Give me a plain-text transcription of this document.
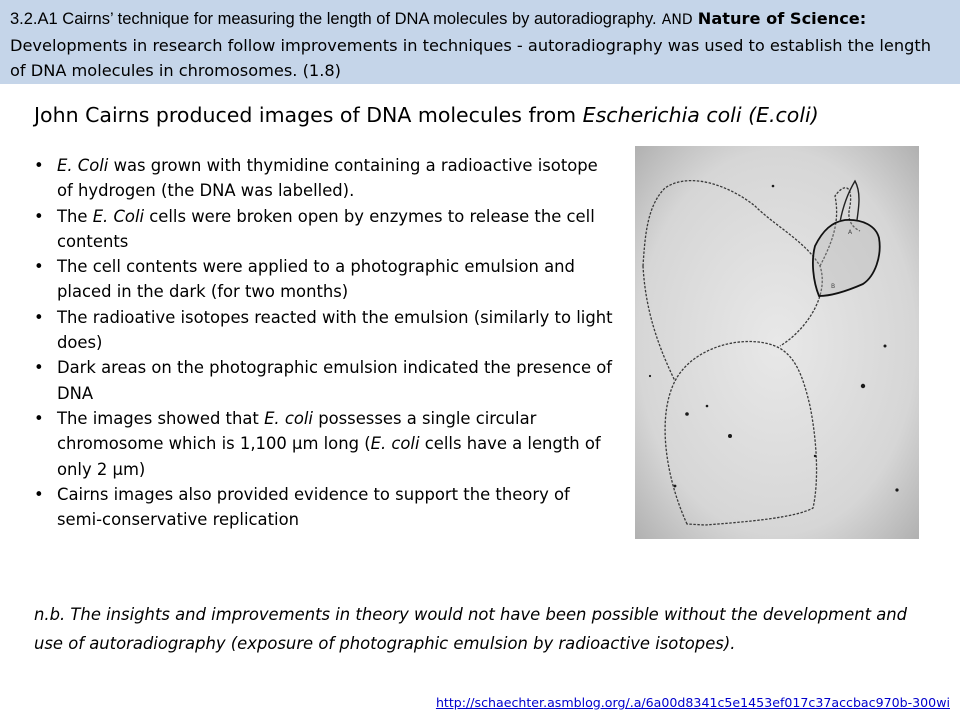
3.2.A1 Cairns’ technique for measuring the length of DNA molecules by autoradiography. AND Nature of Science: Developments in research follow improvements in techniques - autoradiography was used to establish the length of DNA molecules in chromosomes. (1.8)
John Cairns produced images of DNA molecules from Escherichia coli (E.coli)
• E. Coli was grown with thymidine containing a radioactive isotope of hydrogen (the DNA was labelled).
• The E. Coli cells were broken open by enzymes to release the cell contents
• The cell contents were applied to a photographic emulsion and placed in the dark (for two months)
• The radioative isotopes reacted with the emulsion (similarly to light does)
• Dark areas on the photographic emulsion indicated the presence of DNA
• The images showed that E. coli possesses a single circular chromosome which is 1,100 µm long (E. coli cells have a length of only 2 µm)
• Cairns images also provided evidence to support the theory of semi-conservative replication
A
B

n.b. The insights and improvements in theory would not have been possible without the development and use of autoradiography (exposure of photographic emulsion by radioactive isotopes).

http://schaechter.asmblog.org/.a/6a00d8341c5e1453ef017c37accbac970b-300wi
